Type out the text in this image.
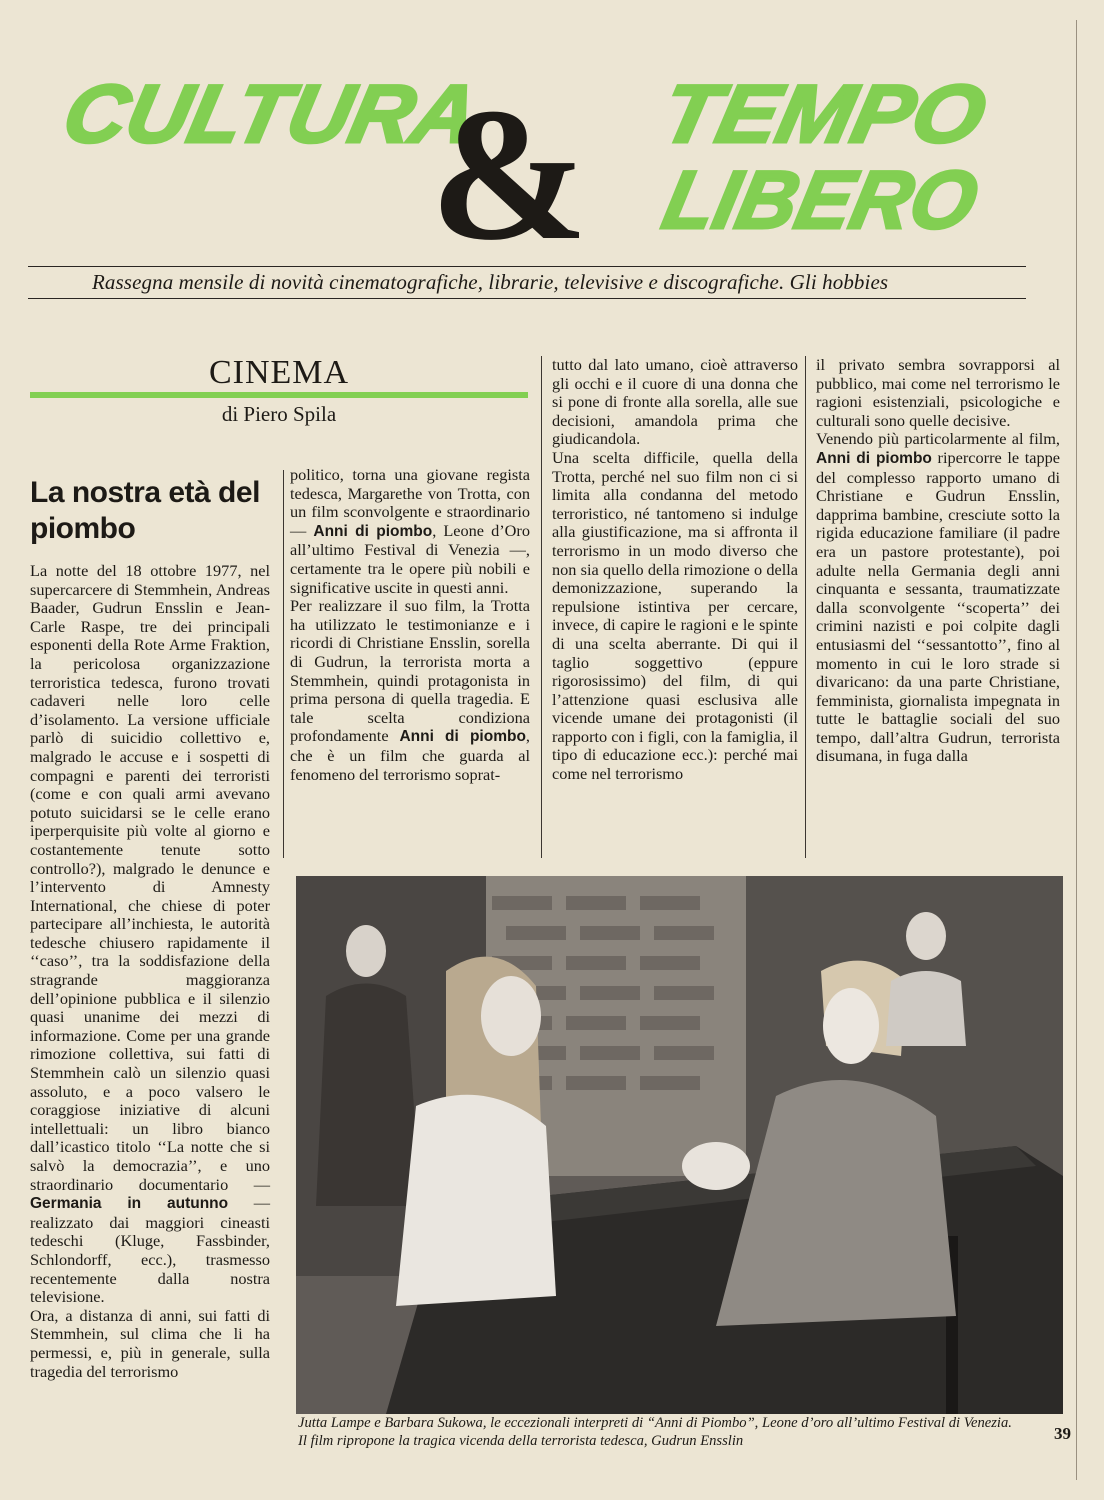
CULTURA
& TEMPO
LIBERO
Rassegna mensile di novità cinematografiche, librarie, televisive e discografiche. Gli hobbies
CINEMA
di Piero Spila
La nostra età del piombo

La notte del 18 ottobre 1977, nel supercarcere di Stemmhein, Andreas Baader, Gudrun Ensslin e Jean-Carle Raspe, tre dei principali esponenti della Rote Arme Fraktion, la pericolosa organizzazione terroristica tedesca, furono trovati cadaveri nelle loro celle d’isolamento. La versione ufficiale parlò di suicidio collettivo e, malgrado le accuse e i sospetti di compagni e parenti dei terroristi (come e con quali armi avevano potuto suicidarsi se le celle erano iperperquisite più volte al giorno e costantemente tenute sotto controllo?), malgrado le denunce e l’intervento di Amnesty International, che chiese di poter partecipare all’inchiesta, le autorità tedesche chiusero rapidamente il ‘‘caso’’, tra la soddisfazione della stragrande maggioranza dell’opinione pubblica e il silenzio quasi unanime dei mezzi di informazione. Come per una grande rimozione collettiva, sui fatti di Stemmhein calò un silenzio quasi assoluto, e a poco valsero le coraggiose iniziative di alcuni intellettuali: un libro bianco dall’icastico titolo ‘‘La notte che si salvò la democrazia’’, e uno straordinario documentario — Germania in autunno — realizzato dai maggiori cineasti tedeschi (Kluge, Fassbinder, Schlondorff, ecc.), trasmesso recentemente dalla nostra televisione.

Ora, a distanza di anni, sui fatti di Stemmhein, sul clima che li ha permessi, e, più in generale, sulla tragedia del terrorismo

politico, torna una giovane regista tedesca, Margarethe von Trotta, con un film sconvolgente e straordinario — Anni di piombo, Leone d’Oro all’ultimo Festival di Venezia —, certamente tra le opere più nobili e significative uscite in questi anni.

Per realizzare il suo film, la Trotta ha utilizzato le testimonianze e i ricordi di Christiane Ensslin, sorella di Gudrun, la terrorista morta a Stemmhein, quindi protagonista in prima persona di quella tragedia. E tale scelta condiziona profondamente Anni di piombo, che è un film che guarda al fenomeno del terrorismo soprat-

tutto dal lato umano, cioè attraverso gli occhi e il cuore di una donna che si pone di fronte alla sorella, alle sue decisioni, amandola prima che giudicandola.

Una scelta difficile, quella della Trotta, perché nel suo film non ci si limita alla condanna del metodo terroristico, né tantomeno si indulge alla giustificazione, ma si affronta il terrorismo in un modo diverso che non sia quello della rimozione o della demonizzazione, superando la repulsione istintiva per cercare, invece, di capire le ragioni e le spinte di una scelta aberrante. Di qui il taglio soggettivo (eppure rigorosissimo) del film, di qui l’attenzione quasi esclusiva alle vicende umane dei protagonisti (il rapporto con i figli, con la famiglia, il tipo di educazione ecc.): perché mai come nel terrorismo

il privato sembra sovrapporsi al pubblico, mai come nel terrorismo le ragioni esistenziali, psicologiche e culturali sono quelle decisive.

Venendo più particolarmente al film, Anni di piombo ripercorre le tappe del complesso rapporto umano di Christiane e Gudrun Ensslin, dapprima bambine, cresciute sotto la rigida educazione familiare (il padre era un pastore protestante), poi adulte nella Germania degli anni cinquanta e sessanta, traumatizzate dalla sconvolgente ‘‘scoperta’’ dei crimini nazisti e poi colpite dagli entusiasmi del ‘‘sessantotto’’, fino al momento in cui le loro strade si divaricano: da una parte Christiane, femminista, giornalista impegnata in tutte le battaglie sociali del suo tempo, dall’altra Gudrun, terrorista disumana, in fuga dalla

Jutta Lampe e Barbara Sukowa, le eccezionali interpreti di “Anni di Piombo”, Leone d’oro all’ultimo Festival di Venezia. Il film ripropone la tragica vicenda della terrorista tedesca, Gudrun Ensslin	39
